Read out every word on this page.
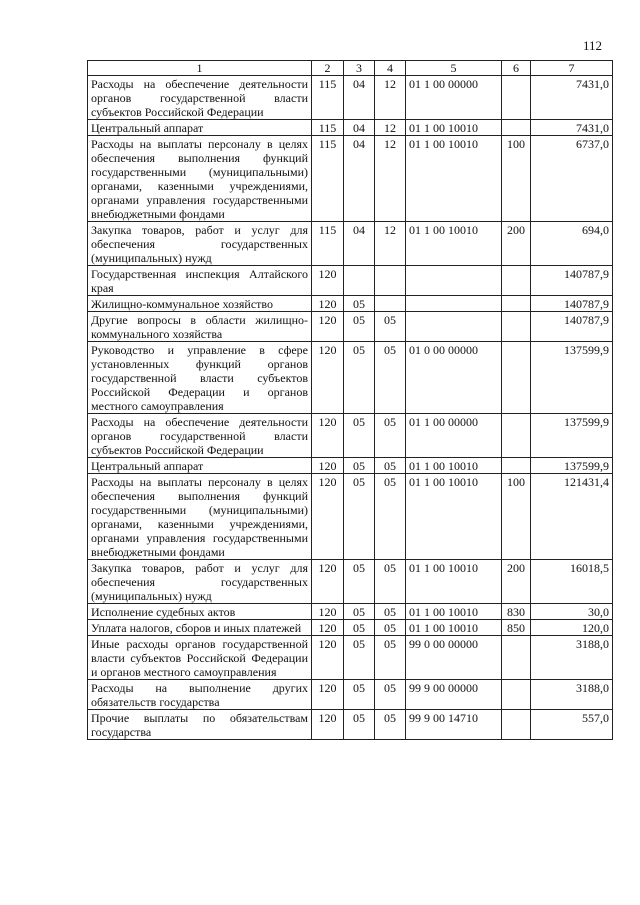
112
1	2	3	4	5	6	7
Расходы на обеспечение деятельности органов государственной власти субъектов Российской Федерации	115	04	12	01 1 00 00000		7431,0
Центральный аппарат	115	04	12	01 1 00 10010		7431,0
Расходы на выплаты персоналу в целях обеспечения выполнения функций государственными (муниципальными) органами, казенными учреждениями, органами управления государственными внебюджетными фондами	115	04	12	01 1 00 10010	100	6737,0
Закупка товаров, работ и услуг для обеспечения государственных (муниципальных) нужд	115	04	12	01 1 00 10010	200	694,0
Государственная инспекция Алтайского края	120					140787,9
Жилищно-коммунальное хозяйство	120	05				140787,9
Другие вопросы в области жилищно-коммунального хозяйства	120	05	05			140787,9
Руководство и управление в сфере установленных функций органов государственной власти субъектов Российской Федерации и органов местного самоуправления	120	05	05	01 0 00 00000		137599,9
Расходы на обеспечение деятельности органов государственной власти субъектов Российской Федерации	120	05	05	01 1 00 00000		137599,9
Центральный аппарат	120	05	05	01 1 00 10010		137599,9
Расходы на выплаты персоналу в целях обеспечения выполнения функций государственными (муниципальными) органами, казенными учреждениями, органами управления государственными внебюджетными фондами	120	05	05	01 1 00 10010	100	121431,4
Закупка товаров, работ и услуг для обеспечения государственных (муниципальных) нужд	120	05	05	01 1 00 10010	200	16018,5
Исполнение судебных актов	120	05	05	01 1 00 10010	830	30,0
Уплата налогов, сборов и иных платежей	120	05	05	01 1 00 10010	850	120,0
Иные расходы органов государственной власти субъектов Российской Федерации и органов местного самоуправления	120	05	05	99 0 00 00000		3188,0
Расходы на выполнение других обязательств государства	120	05	05	99 9 00 00000		3188,0
Прочие выплаты по обязательствам государства	120	05	05	99 9 00 14710		557,0
